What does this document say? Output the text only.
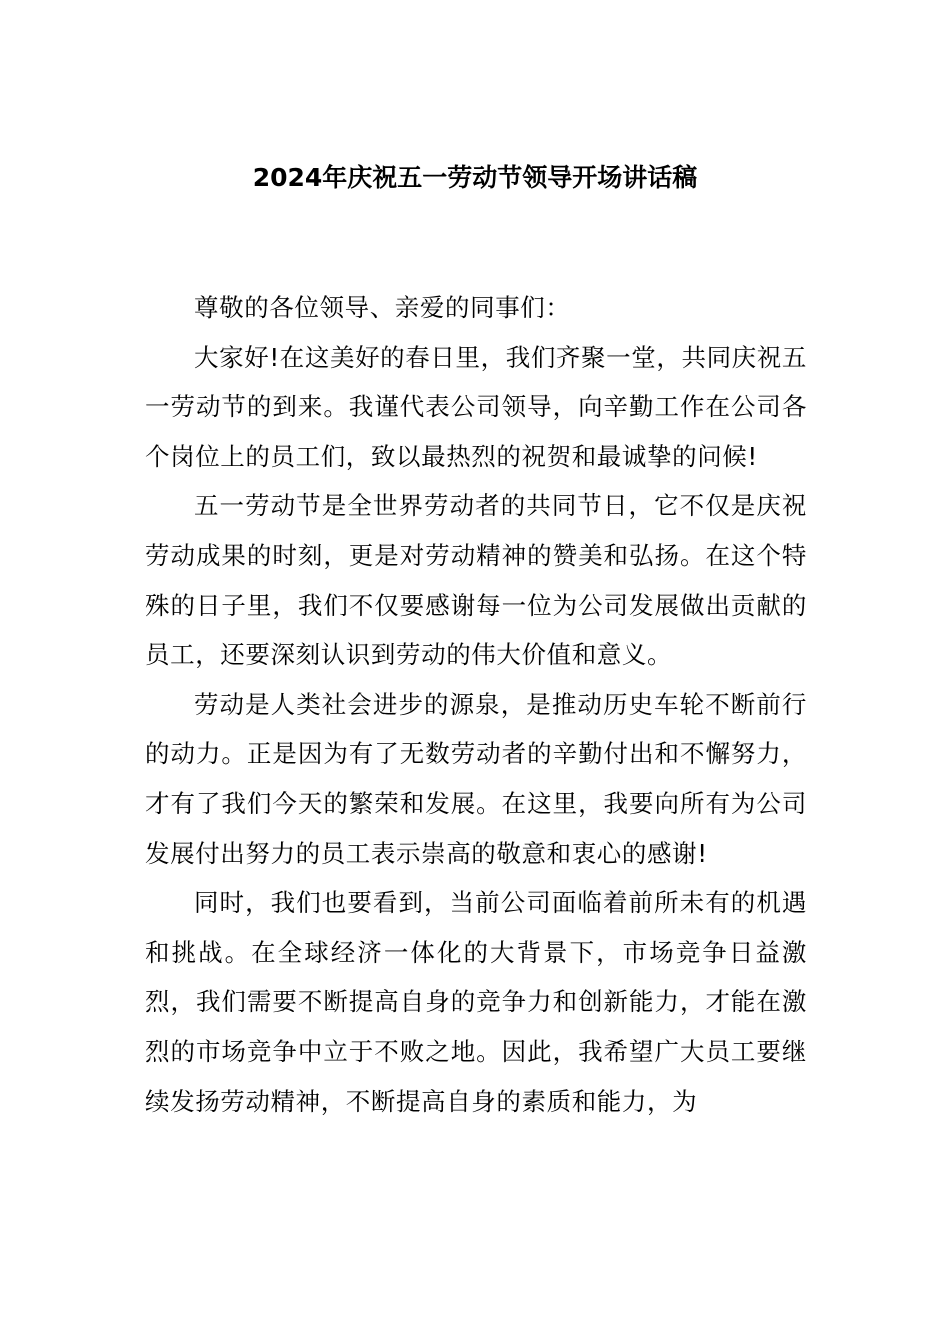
2024年庆祝五一劳动节领导开场讲话稿

尊敬的各位领导、亲爱的同事们：

大家好!在这美好的春日里，我们齐聚一堂，共同庆祝五一劳动节的到来。我谨代表公司领导，向辛勤工作在公司各个岗位上的员工们，致以最热烈的祝贺和最诚挚的问候!

五一劳动节是全世界劳动者的共同节日，它不仅是庆祝劳动成果的时刻，更是对劳动精神的赞美和弘扬。在这个特殊的日子里，我们不仅要感谢每一位为公司发展做出贡献的员工，还要深刻认识到劳动的伟大价值和意义。

劳动是人类社会进步的源泉，是推动历史车轮不断前行的动力。正是因为有了无数劳动者的辛勤付出和不懈努力，才有了我们今天的繁荣和发展。在这里，我要向所有为公司发展付出努力的员工表示崇高的敬意和衷心的感谢!

同时，我们也要看到，当前公司面临着前所未有的机遇和挑战。在全球经济一体化的大背景下，市场竞争日益激烈，我们需要不断提高自身的竞争力和创新能力，才能在激烈的市场竞争中立于不败之地。因此，我希望广大员工要继续发扬劳动精神，不断提高自身的素质和能力，为
